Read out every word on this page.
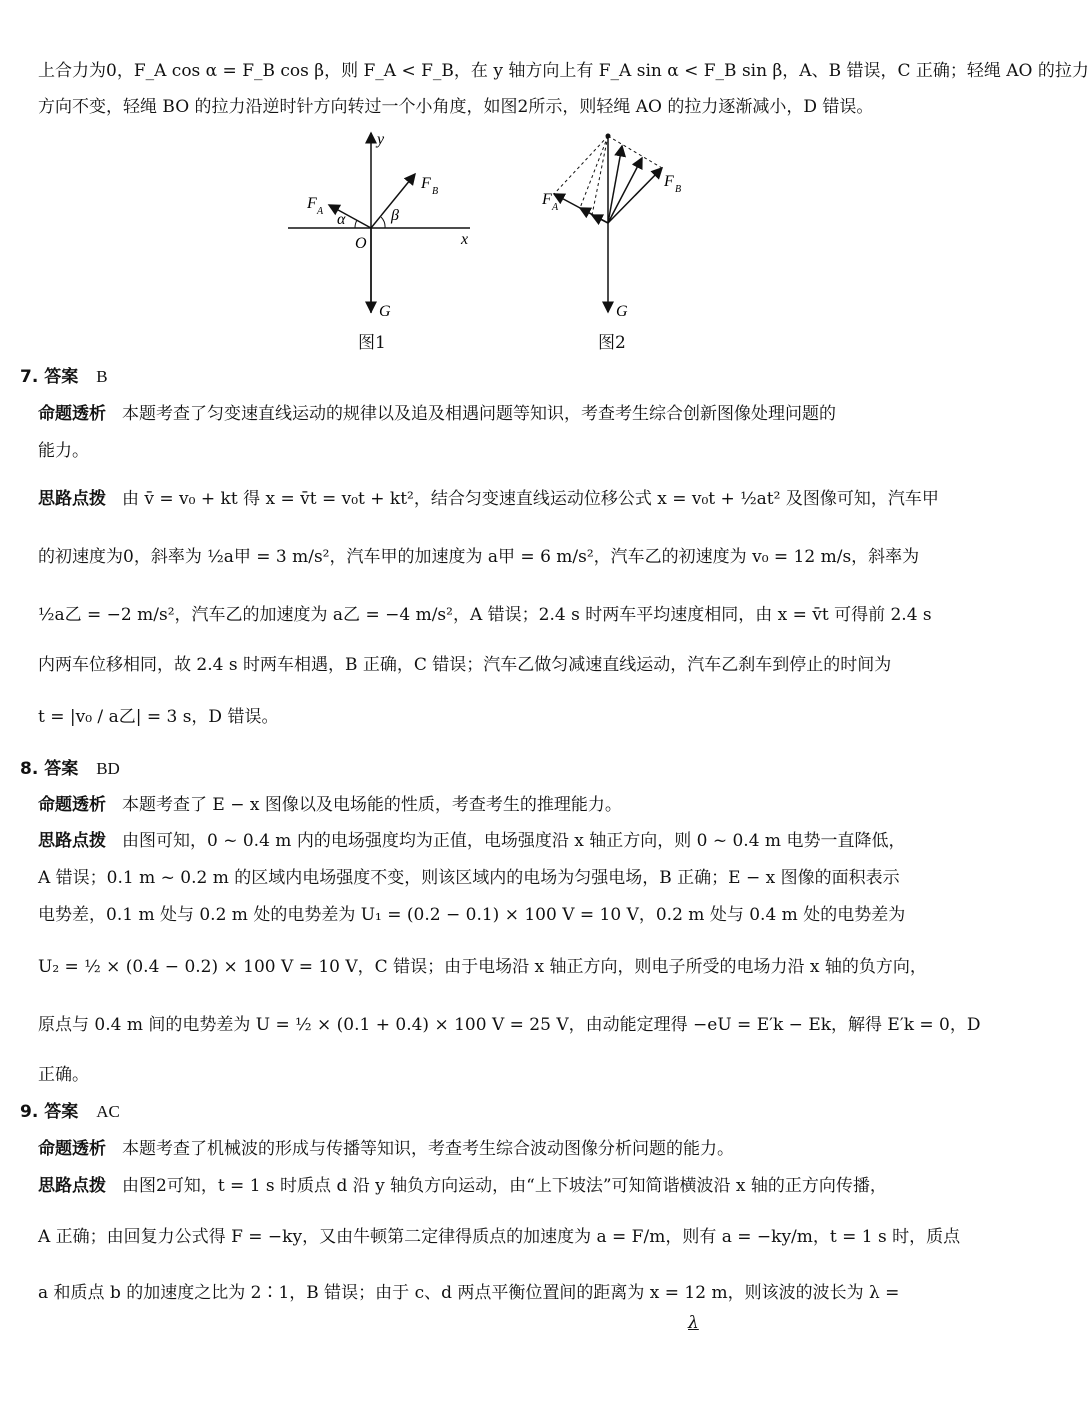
上合力为0，F_A cos α = F_B cos β，则 F_A < F_B，在 y 轴方向上有 F_A sin α < F_B sin β，A、B 错误，C 正确；轻绳 AO 的拉力
方向不变，轻绳 BO 的拉力沿逆时针方向转过一个小角度，如图2所示，则轻绳 AO 的拉力逐渐减小，D 错误。
y
x
O
G
F A
F B
α	β
图1
G
F A
F B
图2
7. 答案 B
命题透析 本题考查了匀变速直线运动的规律以及追及相遇问题等知识，考查考生综合创新图像处理问题的
能力。
思路点拨 由 v̄ = v₀ + kt 得 x = v̄t = v₀t + kt²，结合匀变速直线运动位移公式 x = v₀t + ½at² 及图像可知，汽车甲
的初速度为0，斜率为 ½a甲 = 3 m/s²，汽车甲的加速度为 a甲 = 6 m/s²，汽车乙的初速度为 v₀ = 12 m/s，斜率为
½a乙 = −2 m/s²，汽车乙的加速度为 a乙 = −4 m/s²，A 错误；2.4 s 时两车平均速度相同，由 x = v̄t 可得前 2.4 s
内两车位移相同，故 2.4 s 时两车相遇，B 正确，C 错误；汽车乙做匀减速直线运动，汽车乙刹车到停止的时间为
t = |v₀ / a乙| = 3 s，D 错误。
8. 答案 BD
命题透析 本题考查了 E − x 图像以及电场能的性质，考查考生的推理能力。
思路点拨 由图可知，0 ~ 0.4 m 内的电场强度均为正值，电场强度沿 x 轴正方向，则 0 ~ 0.4 m 电势一直降低，
A 错误；0.1 m ~ 0.2 m 的区域内电场强度不变，则该区域内的电场为匀强电场，B 正确；E − x 图像的面积表示
电势差，0.1 m 处与 0.2 m 处的电势差为 U₁ = (0.2 − 0.1) × 100 V = 10 V，0.2 m 处与 0.4 m 处的电势差为
U₂ = ½ × (0.4 − 0.2) × 100 V = 10 V，C 错误；由于电场沿 x 轴正方向，则电子所受的电场力沿 x 轴的负方向，
原点与 0.4 m 间的电势差为 U = ½ × (0.1 + 0.4) × 100 V = 25 V，由动能定理得 −eU = E′k − Ek，解得 E′k = 0，D
正确。
9. 答案 AC
命题透析 本题考查了机械波的形成与传播等知识，考查考生综合波动图像分析问题的能力。
思路点拨 由图2可知，t = 1 s 时质点 d 沿 y 轴负方向运动，由“上下坡法”可知简谐横波沿 x 轴的正方向传播，
A 正确；由回复力公式得 F = −ky，又由牛顿第二定律得质点的加速度为 a = F/m，则有 a = −ky/m，t = 1 s 时，质点
a 和质点 b 的加速度之比为 2∶1，B 错误；由于 c、d 两点平衡位置间的距离为 x = 12 m，则该波的波长为 λ =
λ
